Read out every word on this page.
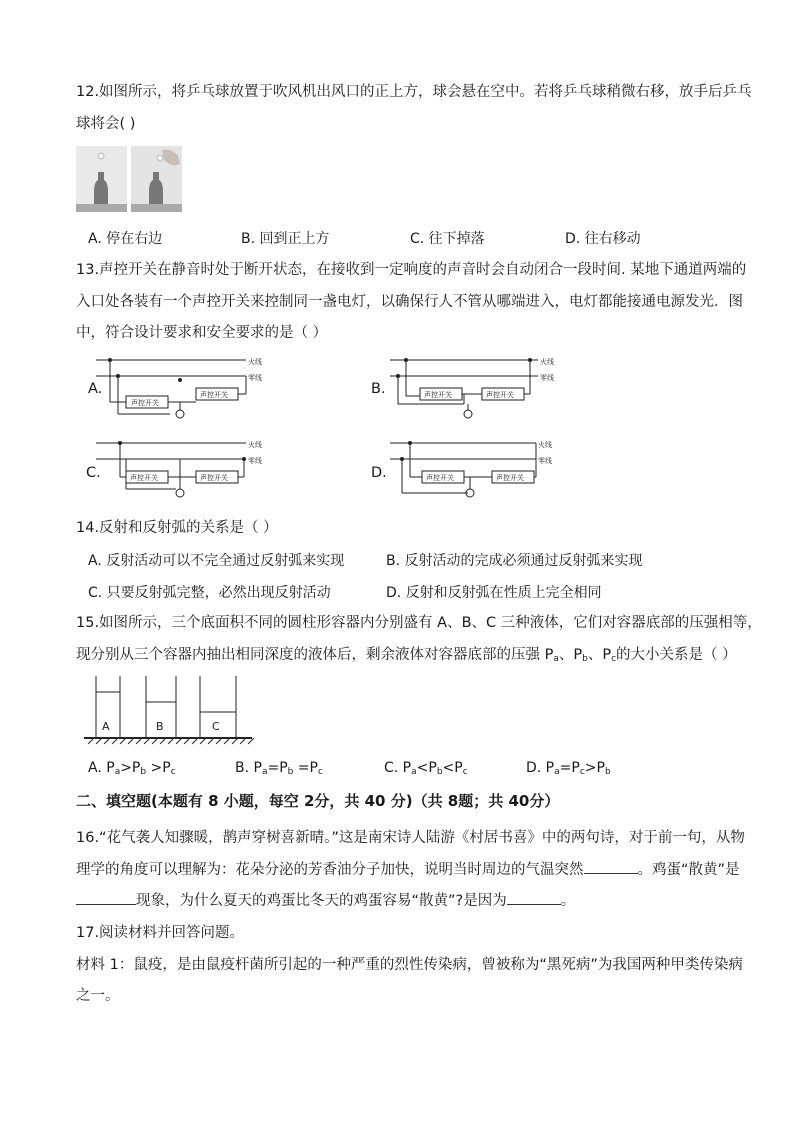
12.如图所示，将乒乓球放置于吹风机出风口的正上方，球会悬在空中。若将乒乓球稍微右移，放手后乒乓
球将会( )
A. 停在右边	B. 回到正上方	C. 往下掉落	D. 往右移动
13.声控开关在静音时处于断开状态，在接收到一定响度的声音时会自动闭合一段时间. 某地下通道两端的
入口处各装有一个声控开关来控制同一盏电灯，以确保行人不管从哪端进入，电灯都能接通电源发光．图
中，符合设计要求和安全要求的是（ ）
A.	B.
C.	D.
火线
零线
声控开关
声控开关
火线
零线
声控开关	声控开关
火线
零线
声控开关	声控开关
火线
零线
声控开关	声控开关
14.反射和反射弧的关系是（ ）
A. 反射活动可以不完全通过反射弧来实现	B. 反射活动的完成必须通过反射弧来实现
C. 只要反射弧完整，必然出现反射活动	D. 反射和反射弧在性质上完全相同
15.如图所示，三个底面积不同的圆柱形容器内分别盛有 A、B、C 三种液体，它们对容器底部的压强相等，
现分别从三个容器内抽出相同深度的液体后，剩余液体对容器底部的压强 $P_a$、$P_b$、$P_c$的大小关系是（ ）
A	B	C
A. $P_a>P_b >P_c$	B. $P_a=P_b =P_c$	C. $P_a<P_b<P_c$	D. $P_a=P_c>P_b$
二、填空题(本题有 8 小题，每空 2分，共 40 分)（共 8题；共 40分）
16.“花气袭人知骤暖，鹊声穿树喜新晴。”这是南宋诗人陆游《村居书喜》中的两句诗，对于前一句，从物
理学的角度可以理解为：花朵分泌的芳香油分子加快，说明当时周边的气温突然	。鸡蛋“散黄”是
现象，为什么夏天的鸡蛋比冬天的鸡蛋容易“散黄”?是因为	。
17.阅读材料并回答问题。
材料 1：鼠疫，是由鼠疫杆菌所引起的一种严重的烈性传染病，曾被称为“黑死病”为我国两种甲类传染病
之一。
